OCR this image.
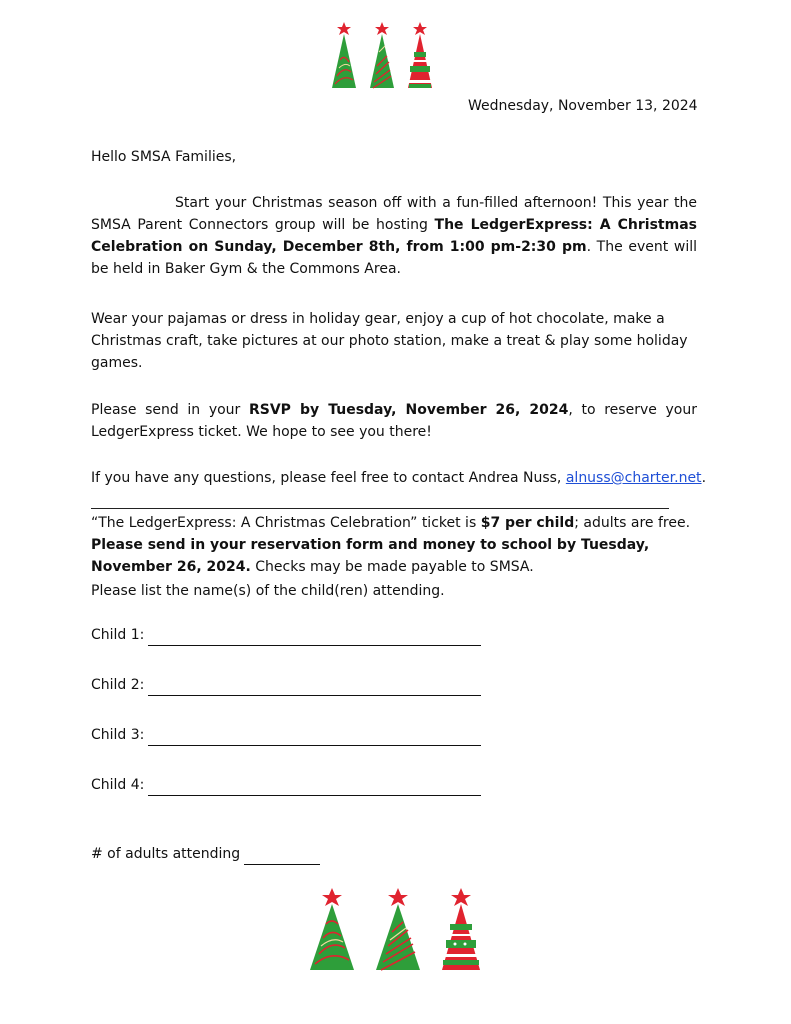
Wednesday, November 13, 2024
Hello SMSA Families,
Start your Christmas season off with a fun-filled afternoon! This year the SMSA Parent Connectors group will be hosting The LedgerExpress: A Christmas Celebration on Sunday, December 8th, from 1:00 pm-2:30 pm. The event will be held in Baker Gym & the Commons Area.
Wear your pajamas or dress in holiday gear, enjoy a cup of hot chocolate, make a Christmas craft, take pictures at our photo station, make a treat & play some holiday games.
Please send in your RSVP by Tuesday, November 26, 2024, to reserve your LedgerExpress ticket. We hope to see you there!
If you have any questions, please feel free to contact Andrea Nuss, alnuss@charter.net.
“The LedgerExpress: A Christmas Celebration” ticket is $7 per child; adults are free. Please send in your reservation form and money to school by Tuesday, November 26, 2024. Checks may be made payable to SMSA.
Please list the name(s) of the child(ren) attending.
Child 1:
Child 2:
Child 3:
Child 4:
# of adults attending
